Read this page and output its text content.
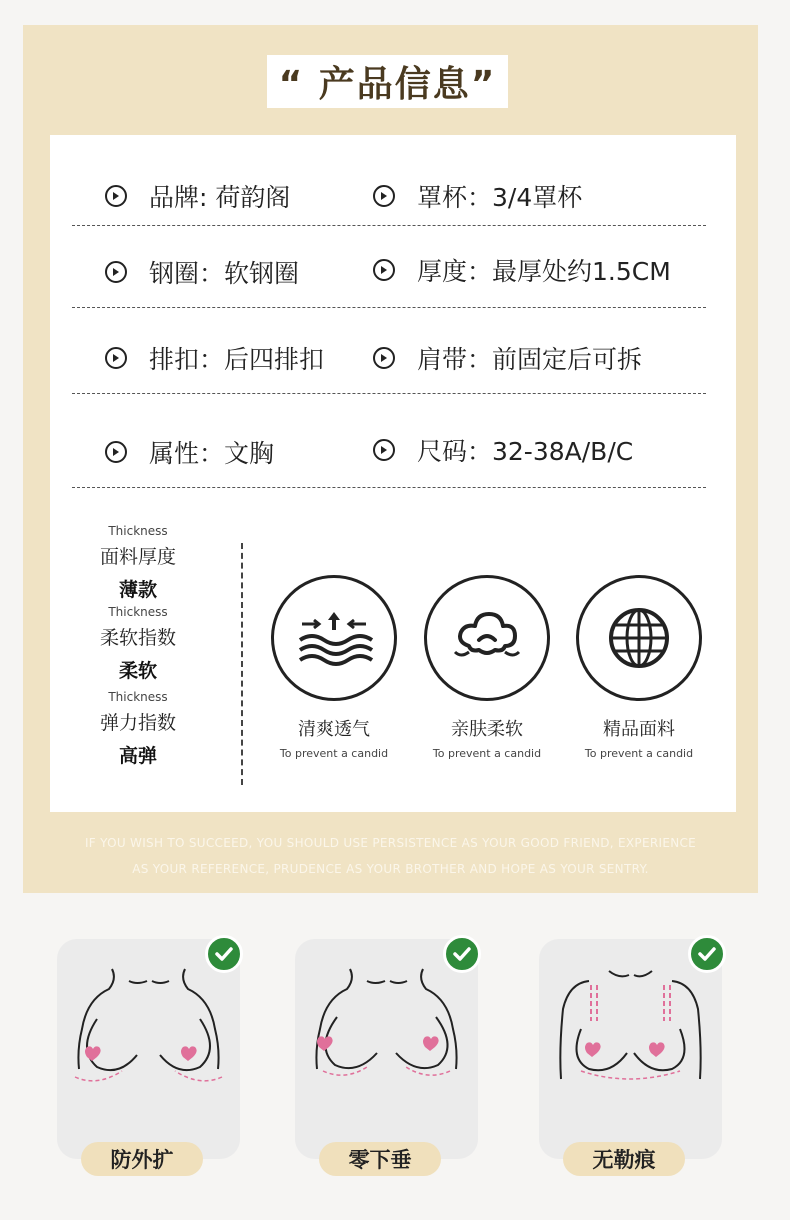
“ 产品信息”
品牌: 荷韵阁	罩杯：3/4罩杯
钢圈：软钢圈	厚度：最厚处约1.5CM
排扣：后四排扣	肩带：前固定后可拆
属性：文胸	尺码：32-38A/B/C
Thickness
面料厚度
薄款
Thickness
柔软指数
柔软
Thickness
弹力指数
高弹
清爽透气
To prevent a candid
亲肤柔软
To prevent a candid
精品面料
To prevent a candid
IF YOU WISH TO SUCCEED, YOU SHOULD USE PERSISTENCE AS YOUR GOOD FRIEND, EXPERIENCE
AS YOUR REFERENCE, PRUDENCE AS YOUR BROTHER AND HOPE AS YOUR SENTRY.
防外扩	零下垂	无勒痕
